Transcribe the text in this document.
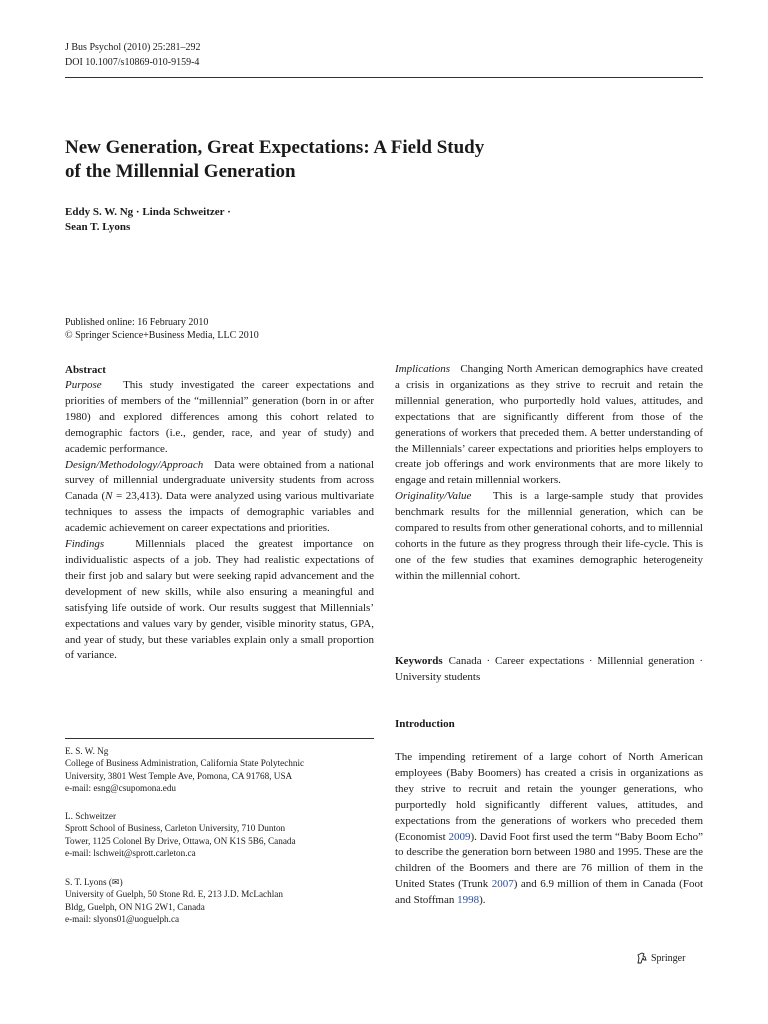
J Bus Psychol (2010) 25:281–292
DOI 10.1007/s10869-010-9159-4
New Generation, Great Expectations: A Field Study
of the Millennial Generation
Eddy S. W. Ng · Linda Schweitzer ·
Sean T. Lyons
Published online: 16 February 2010
© Springer Science+Business Media, LLC 2010

Abstract

Purpose This study investigated the career expectations and priorities of members of the “millennial” generation (born in or after 1980) and explored differences among this cohort related to demographic factors (i.e., gender, race, and year of study) and academic performance.

Design/Methodology/Approach Data were obtained from a national survey of millennial undergraduate university students from across Canada (N = 23,413). Data were analyzed using various multivariate techniques to assess the impacts of demographic variables and academic achievement on career expectations and priorities.

Findings	Millennials placed the greatest importance on individualistic aspects of a job. They had realistic expectations of their first job and salary but were seeking rapid advancement and the development of new skills, while also ensuring a meaningful and satisfying life outside of work. Our results suggest that Millennials’ expectations and values vary by gender, visible minority status, GPA, and year of study, but these variables explain only a small proportion of variance.

Implications Changing North American demographics have created a crisis in organizations as they strive to recruit and retain the millennial generation, who purportedly hold values, attitudes, and expectations that are significantly different from those of the generations of workers that preceded them. A better understanding of the Millennials’ career expectations and priorities helps employers to create job offerings and work environments that are more likely to engage and retain millennial workers.

Originality/Value This is a large-sample study that provides benchmark results for the millennial generation, which can be compared to results from other generational cohorts, and to millennial cohorts in the future as they progress through their life-cycle. This is one of the few studies that examines demographic heterogeneity within the millennial cohort.

Keywords Canada · Career expectations · Millennial generation · University students
Introduction

The impending retirement of a large cohort of North American employees (Baby Boomers) has created a crisis in organizations as they strive to recruit and retain the younger generations, who purportedly hold significantly different values, attitudes, and expectations from the generations of workers who preceded them (Economist 2009). David Foot first used the term “Baby Boom Echo” to describe the generation born between 1980 and 1995. These are the children of the Boomers and there are 76 million of them in the United States (Trunk 2007) and 6.9 million of them in Canada (Foot and Stoffman 1998).

E. S. W. Ng
College of Business Administration, California State Polytechnic
University, 3801 West Temple Ave, Pomona, CA 91768, USA
e-mail: esng@csupomona.edu
L. Schweitzer
Sprott School of Business, Carleton University, 710 Dunton
Tower, 1125 Colonel By Drive, Ottawa, ON K1S 5B6, Canada
e-mail: lschweit@sprott.carleton.ca
S. T. Lyons (✉)
University of Guelph, 50 Stone Rd. E, 213 J.D. McLachlan
Bldg, Guelph, ON N1G 2W1, Canada
e-mail: slyons01@uoguelph.ca
Springer
